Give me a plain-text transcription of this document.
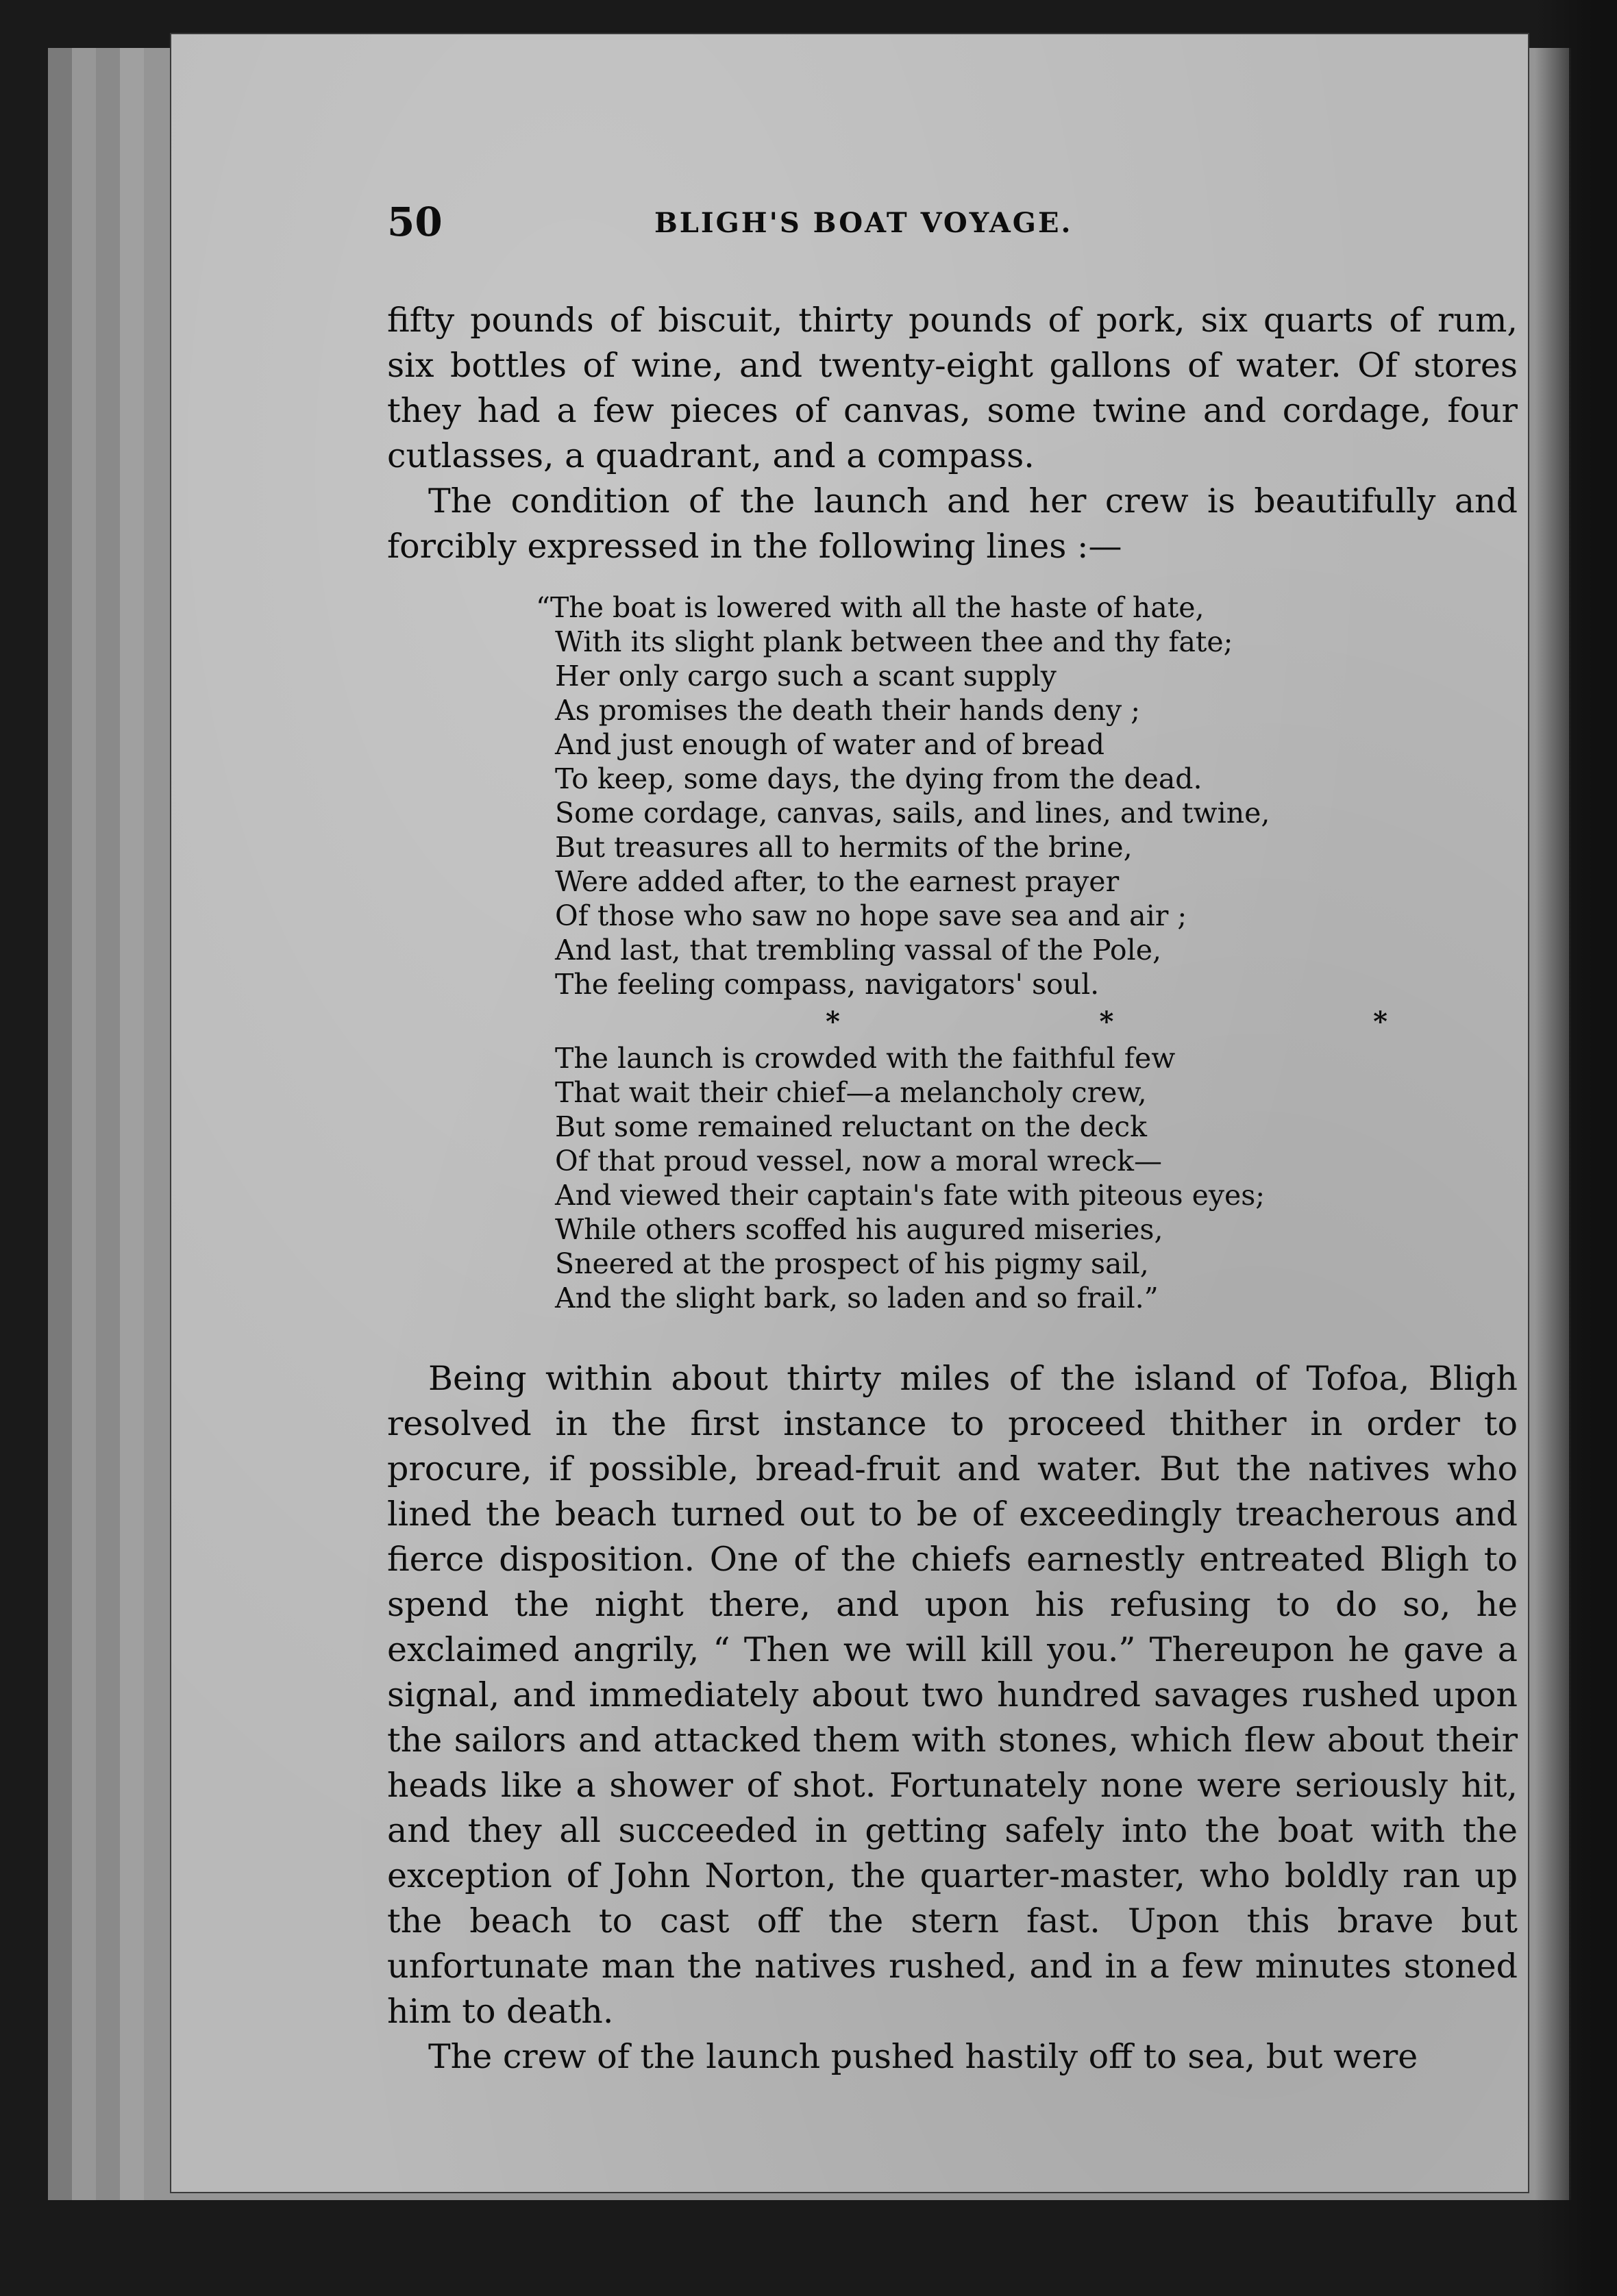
50	BLIGH'S BOAT VOYAGE.

fifty pounds of biscuit, thirty pounds of pork, six quarts of rum, six bottles of wine, and twenty-eight gallons of water. Of stores they had a few pieces of canvas, some twine and cordage, four cutlasses, a quadrant, and a compass.

The condition of the launch and her crew is beautifully and forcibly expressed in the following lines :—

“The boat is lowered with all the haste of hate,
With its slight plank between thee and thy fate;
Her only cargo such a scant supply
As promises the death their hands deny ;
And just enough of water and of bread
To keep, some days, the dying from the dead.
Some cordage, canvas, sails, and lines, and twine,
But treasures all to hermits of the brine,
Were added after, to the earnest prayer
Of those who saw no hope save sea and air ;
And last, that trembling vassal of the Pole,
The feeling compass, navigators' soul.
*	*	*
The launch is crowded with the faithful few
That wait their chief—a melancholy crew,
But some remained reluctant on the deck
Of that proud vessel, now a moral wreck—
And viewed their captain's fate with piteous eyes;
While others scoffed his augured miseries,
Sneered at the prospect of his pigmy sail,
And the slight bark, so laden and so frail.”

Being within about thirty miles of the island of Tofoa, Bligh resolved in the first instance to proceed thither in order to procure, if possible, bread-fruit and water. But the natives who lined the beach turned out to be of exceedingly treacherous and fierce disposition. One of the chiefs earnestly entreated Bligh to spend the night there, and upon his refusing to do so, he exclaimed angrily, “ Then we will kill you.” Thereupon he gave a signal, and immediately about two hundred savages rushed upon the sailors and attacked them with stones, which flew about their heads like a shower of shot. Fortunately none were seriously hit, and they all succeeded in getting safely into the boat with the exception of John Norton, the quarter-master, who boldly ran up the beach to cast off the stern fast. Upon this brave but unfortunate man the natives rushed, and in a few minutes stoned him to death.

The crew of the launch pushed hastily off to sea, but were
